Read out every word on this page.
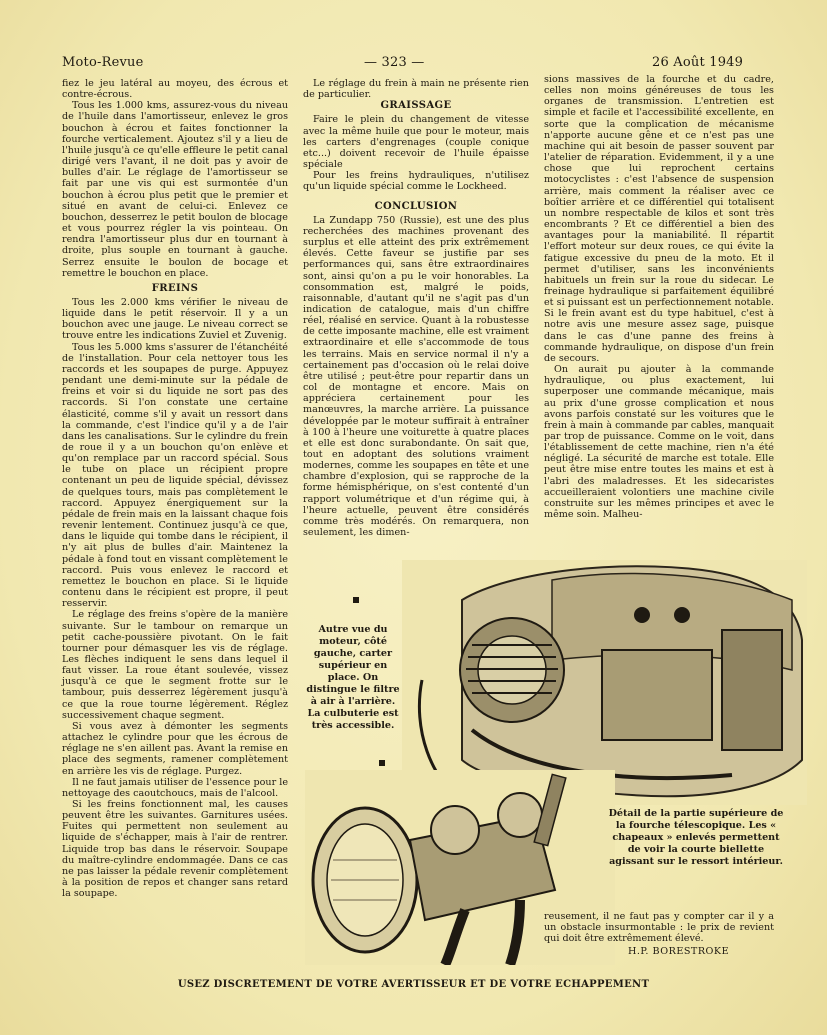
Moto-Revue	— 323 —	26 Août 1949

fiez le jeu latéral au moyeu, des écrous et contre-écrous.

Tous les 1.000 kms, assurez-vous du niveau de l'huile dans l'amortisseur, enlevez le gros bouchon à écrou et faites fonctionner la fourche verticalement. Ajoutez s'il y a lieu de l'huile jusqu'à ce qu'elle effleure le petit canal dirigé vers l'avant, il ne doit pas y avoir de bulles d'air. Le réglage de l'amortisseur se fait par une vis qui est surmontée d'un bouchon à écrou plus petit que le premier et situé en avant de celui-ci. Enlevez ce bouchon, desserrez le petit boulon de blocage et vous pourrez régler la vis pointeau. On rendra l'amortisseur plus dur en tournant à droite, plus souple en tournant à gauche. Serrez ensuite le boulon de bocage et remettre le bouchon en place.

FREINS

Tous les 2.000 kms vérifier le niveau de liquide dans le petit réservoir. Il y a un bouchon avec une jauge. Le niveau correct se trouve entre les indications Zuviel et Zuvenig.

Tous les 5.000 kms s'assurer de l'étanchéité de l'installation. Pour cela nettoyer tous les raccords et les soupapes de purge. Appuyez pendant une demi-minute sur la pédale de freins et voir si du liquide ne sort pas des raccords. Si l'on constate une certaine élasticité, comme s'il y avait un ressort dans la commande, c'est l'indice qu'il y a de l'air dans les canalisations. Sur le cylindre du frein de roue il y a un bouchon qu'on enlève et qu'on remplace par un raccord spécial. Sous le tube on place un récipient propre contenant un peu de liquide spécial, dévissez de quelques tours, mais pas complètement le raccord. Appuyez énergiquement sur la pédale de frein mais en la laissant chaque fois revenir lentement. Continuez jusqu'à ce que, dans le liquide qui tombe dans le récipient, il n'y ait plus de bulles d'air. Maintenez la pédale à fond tout en vissant complètement le raccord. Puis vous enlevez le raccord et remettez le bouchon en place. Si le liquide contenu dans le récipient est propre, il peut resservir.

Le réglage des freins s'opère de la manière suivante. Sur le tambour on remarque un petit cache-poussière pivotant. On le fait tourner pour démasquer les vis de réglage. Les flèches indiquent le sens dans lequel il faut visser. La roue étant soulevée, vissez jusqu'à ce que le segment frotte sur le tambour, puis desserrez légèrement jusqu'à ce que la roue tourne légèrement. Réglez successivement chaque segment.

Si vous avez à démonter les segments attachez le cylindre pour que les écrous de réglage ne s'en aillent pas. Avant la remise en place des segments, ramener complètement en arrière les vis de réglage. Purgez.

Il ne faut jamais utiliser de l'essence pour le nettoyage des caoutchoucs, mais de l'alcool.

Si les freins fonctionnent mal, les causes peuvent être les suivantes. Garnitures usées. Fuites qui permettent non seulement au liquide de s'échapper, mais à l'air de rentrer. Liquide trop bas dans le réservoir. Soupape du maître-cylindre endommagée. Dans ce cas ne pas laisser la pédale revenir complètement à la position de repos et changer sans retard la soupape.

Le réglage du frein à main ne présente rien de particulier.

GRAISSAGE

Faire le plein du changement de vitesse avec la même huile que pour le moteur, mais les carters d'engrenages (couple conique etc...) doivent recevoir de l'huile épaisse spéciale

Pour les freins hydrauliques, n'utilisez qu'un liquide spécial comme le Lockheed.

CONCLUSION

La Zundapp 750 (Russie), est une des plus recherchées des machines provenant des surplus et elle atteint des prix extrêmement élevés. Cette faveur se justifie par ses performances qui, sans être extraordinaires sont, ainsi qu'on a pu le voir honorables. La consommation est, malgré le poids, raisonnable, d'autant qu'il ne s'agit pas d'un indication de catalogue, mais d'un chiffre réel, réalisé en service. Quant à la robustesse de cette imposante machine, elle est vraiment extraordinaire et elle s'accommode de tous les terrains. Mais en service normal il n'y a certainement pas d'occasion où le relai doive être utilisé ; peut-être pour repartir dans un col de montagne et encore. Mais on appréciera certainement pour les manœuvres, la marche arrière. La puissance développée par le moteur suffirait à entraîner à 100 à l'heure une voiturette à quatre places et elle est donc surabondante. On sait que, tout en adoptant des solutions vraiment modernes, comme les soupapes en tête et une chambre d'explosion, qui se rapproche de la forme hémisphérique, on s'est contenté d'un rapport volumétrique et d'un régime qui, à l'heure actuelle, peuvent être considérés comme très modérés. On remarquera, non seulement, les dimen-

sions massives de la fourche et du cadre, celles non moins généreuses de tous les organes de transmission. L'entretien est simple et facile et l'accessibilité excellente, en sorte que la complication de mécanisme n'apporte aucune gêne et ce n'est pas une machine qui ait besoin de passer souvent par l'atelier de réparation. Evidemment, il y a une chose que lui reprochent certains motocyclistes : c'est l'absence de suspension arrière, mais comment la réaliser avec ce boîtier arrière et ce différentiel qui totalisent un nombre respectable de kilos et sont très encombrants ? Et ce différentiel a bien des avantages pour la maniabilité. Il répartit l'effort moteur sur deux roues, ce qui évite la fatigue excessive du pneu de la moto. Et il permet d'utiliser, sans les inconvénients habituels un frein sur la roue du sidecar. Le freinage hydraulique si parfaitement équilibré et si puissant est un perfectionnement notable. Si le frein avant est du type habituel, c'est à notre avis une mesure assez sage, puisque dans le cas d'une panne des freins à commande hydraulique, on dispose d'un frein de secours.

On aurait pu ajouter à la commande hydraulique, ou plus exactement, lui superposer une commande mécanique, mais au prix d'une grosse complication et nous avons parfois constaté sur les voitures que le frein à main à commande par cables, manquait par trop de puissance. Comme on le voit, dans l'établissement de cette machine, rien n'a été négligé. La sécurité de marche est totale. Elle peut être mise entre toutes les mains et est à l'abri des maladresses. Et les sidecaristes accueilleraient volontiers une machine civile construite sur les mêmes principes et avec le même soin. Malheu-

Autre vue du moteur, côté gauche, carter supérieur en place. On distingue le filtre à air à l'arrière. La culbuterie est très accessible.
Détail de la partie supérieure de la fourche télescopique. Les « chapeaux » enlevés permettent de voir la courte biellette agissant sur le ressort intérieur.

reusement, il ne faut pas y compter car il y a un obstacle insurmontable : le prix de revient qui doit être extrêmement élevé.

H.P. BORESTROKE
USEZ DISCRETEMENT DE VOTRE AVERTISSEUR ET DE VOTRE ECHAPPEMENT
